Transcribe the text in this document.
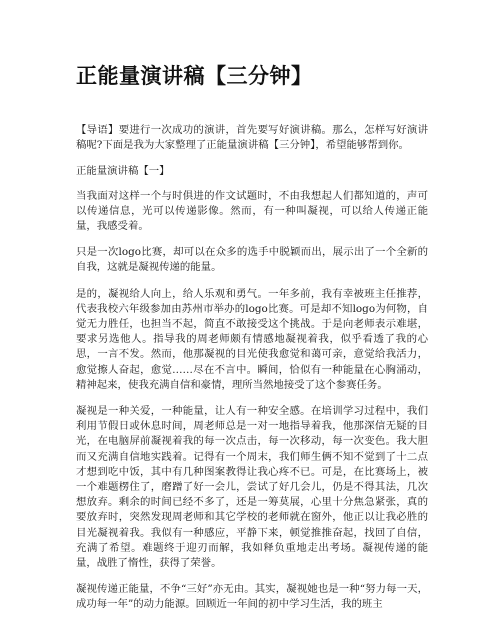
正能量演讲稿【三分钟】

【导语】要进行一次成功的演讲，首先要写好演讲稿。那么，怎样写好演讲稿呢?下面是我为大家整理了正能量演讲稿【三分钟】，希望能够帮到你。

正能量演讲稿【一】

当我面对这样一个与时俱进的作文试题时，不由我想起人们都知道的，声可以传递信息，光可以传递影像。然而，有一种叫凝视，可以给人传递正能量，我感受着。

只是一次logo比赛，却可以在众多的选手中脱颖而出，展示出了一个全新的自我，这就是凝视传递的能量。

是的，凝视给人向上，给人乐观和勇气。一年多前，我有幸被班主任推荐，代表我校六年级参加由苏州市举办的logo比赛。可是却不知logo为何物，自觉无力胜任，也担当不起，简直不敢接受这个挑战。于是向老师表示难堪，要求另选他人。指导我的周老师颇有情感地凝视着我，似乎看透了我的心思，一言不发。然而，他那凝视的目光使我愈觉和蔼可亲，意觉给我活力，愈觉擦人奋起，愈觉……尽在不言中。瞬间，恰似有一种能量在心胸涌动，精神起来，使我充满自信和豪情，理所当然地接受了这个参赛任务。

凝视是一种关爱，一种能量，让人有一种安全感。在培训学习过程中，我们利用节假日或休息时间，周老师总是一对一地指导着我，他那深信无疑的目光，在电脑屏前凝视着我的每一次点击，每一次移动，每一次变色。我大胆而又充满自信地实践着。记得有一个周末，我们师生俩不知不觉到了十二点才想到吃中饭，其中有几种图案教得让我心疼不已。可是，在比赛场上，被一个难题楞住了，磨蹭了好一会儿，尝试了好几会儿，仍是不得其法，几次想放弃。剩余的时间已经不多了，还是一筹莫展，心里十分焦急紧张，真的要放弃时，突然发现周老师和其它学校的老师就在窗外，他正以让我必胜的目光凝视着我。我似有一种感应，平静下来，顿觉推推奋起，找回了自信，充满了希望。难题终于迎刃而解，我如释负重地走出考场。凝视传递的能量，战胜了惰性，获得了荣誉。

凝视传递正能量，不争“三好”亦无由。其实，凝视她也是一种“努力每一天，成功每一年”的动力能源。回顾近一年间的初中学习生活，我的班主
